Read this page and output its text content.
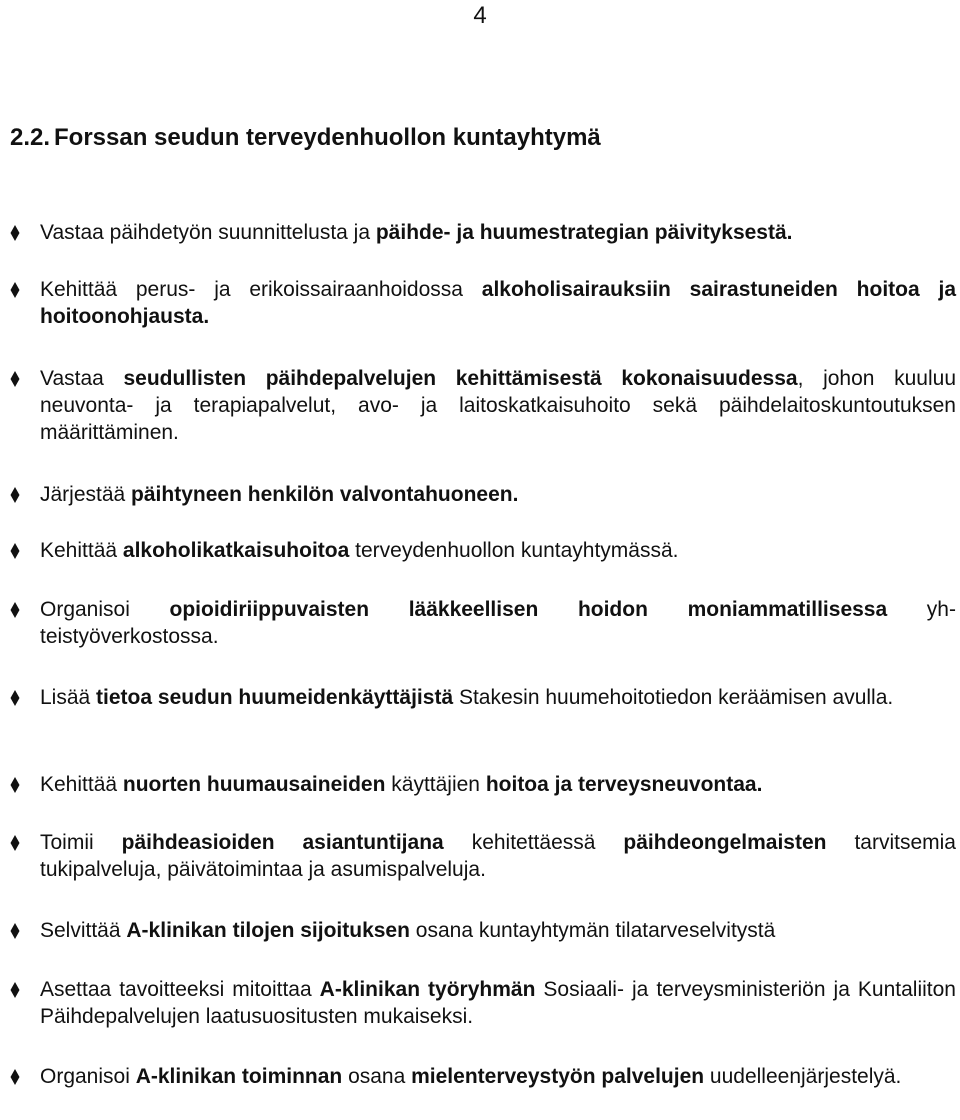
4
2.2. Forssan seudun terveydenhuollon kuntayhtymä
Vastaa päihdetyön suunnittelusta ja päihde- ja huumestrategian päivityksestä.
Kehittää perus- ja erikoissairaanhoidossa alkoholisairauksiin sairastuneiden hoitoa ja hoitoonohjausta.
Vastaa seudullisten päihdepalvelujen kehittämisestä kokonaisuudessa, johon kuuluu neuvonta- ja terapiapalvelut, avo- ja laitoskatkaisuhoito sekä päihdelaitoskuntoutuksen määrittäminen.
Järjestää päihtyneen henkilön valvontahuoneen.
Kehittää alkoholikatkaisuhoitoa terveydenhuollon kuntayhtymässä.
Organisoi opioidiriippuvaisten lääkkeellisen hoidon moniammatillisessa yhteistyöverkostossa.
Lisää tietoa seudun huumeidenkäyttäjistä Stakesin huumehoitotiedon keräämisen avulla.
Kehittää nuorten huumausaineiden käyttäjien hoitoa ja terveysneuvontaa.
Toimii päihdeasioiden asiantuntijana kehitettäessä päihdeongelmaisten tarvitsemia tukipalveluja, päivätoimintaa ja asumispalveluja.
Selvittää A-klinikan tilojen sijoituksen osana kuntayhtymän tilatarveselvitystä
Asettaa tavoitteeksi mitoittaa A-klinikan työryhmän Sosiaali- ja terveysministeriön ja Kuntaliiton Päihdepalvelujen laatusuositusten mukaiseksi.
Organisoi A-klinikan toiminnan osana mielenterveystyön palvelujen uudelleenjärjestelyä.
